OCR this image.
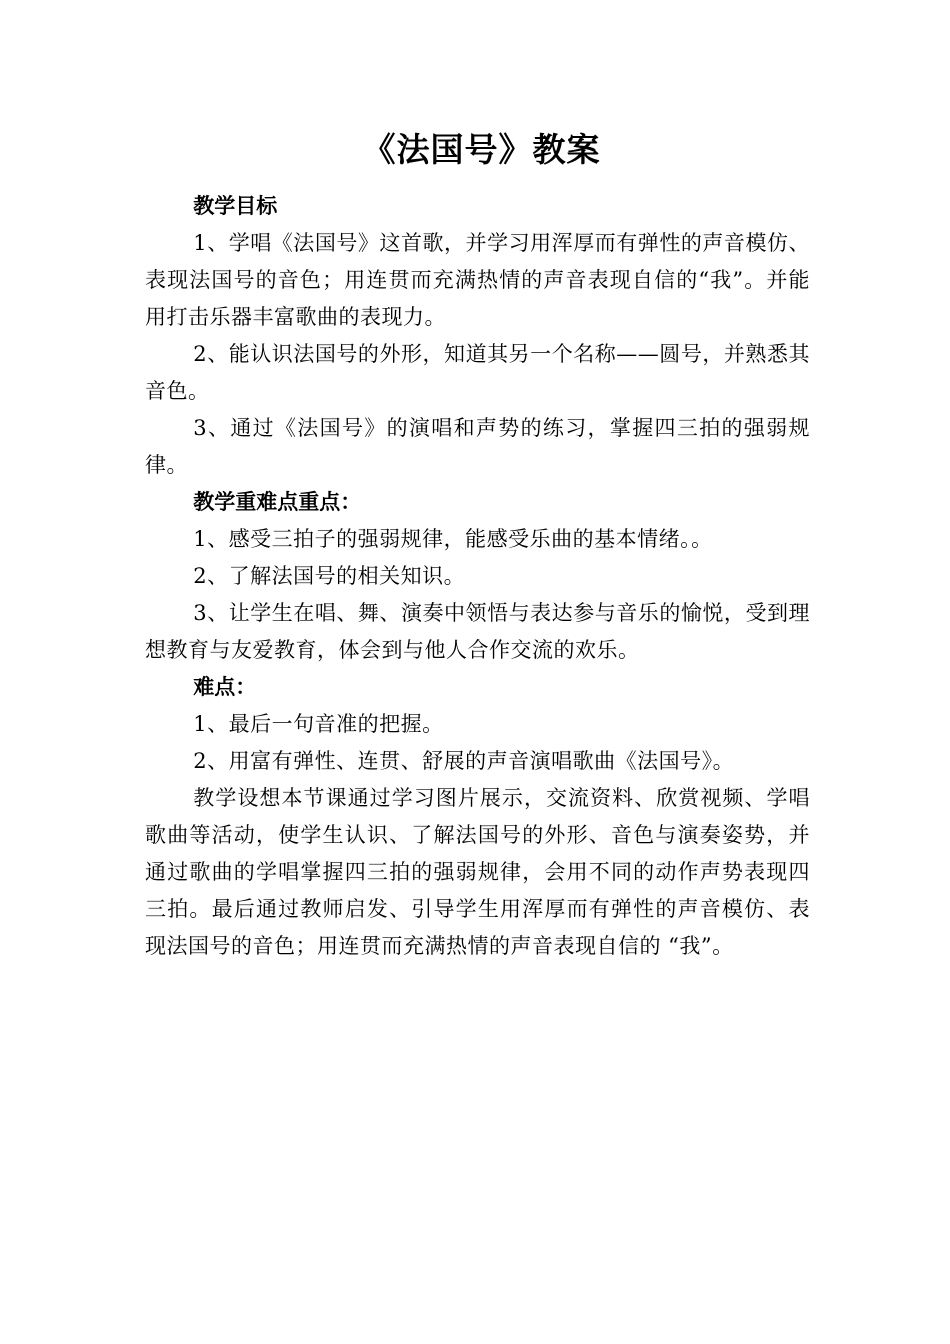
《法国号》教案

教学目标

1、学唱《法国号》这首歌，并学习用浑厚而有弹性的声音模仿、表现法国号的音色；用连贯而充满热情的声音表现自信的“我”。并能用打击乐器丰富歌曲的表现力。

2、能认识法国号的外形，知道其另一个名称——圆号，并熟悉其音色。

3、通过《法国号》的演唱和声势的练习，掌握四三拍的强弱规律。

教学重难点重点：

1、感受三拍子的强弱规律，能感受乐曲的基本情绪。。

2、了解法国号的相关知识。

3、让学生在唱、舞、演奏中领悟与表达参与音乐的愉悦，受到理想教育与友爱教育，体会到与他人合作交流的欢乐。

难点：

1、最后一句音准的把握。

2、用富有弹性、连贯、舒展的声音演唱歌曲《法国号》。

教学设想本节课通过学习图片展示，交流资料、欣赏视频、学唱歌曲等活动，使学生认识、了解法国号的外形、音色与演奏姿势，并通过歌曲的学唱掌握四三拍的强弱规律，会用不同的动作声势表现四三拍。最后通过教师启发、引导学生用浑厚而有弹性的声音模仿、表现法国号的音色；用连贯而充满热情的声音表现自信的 “我”。
